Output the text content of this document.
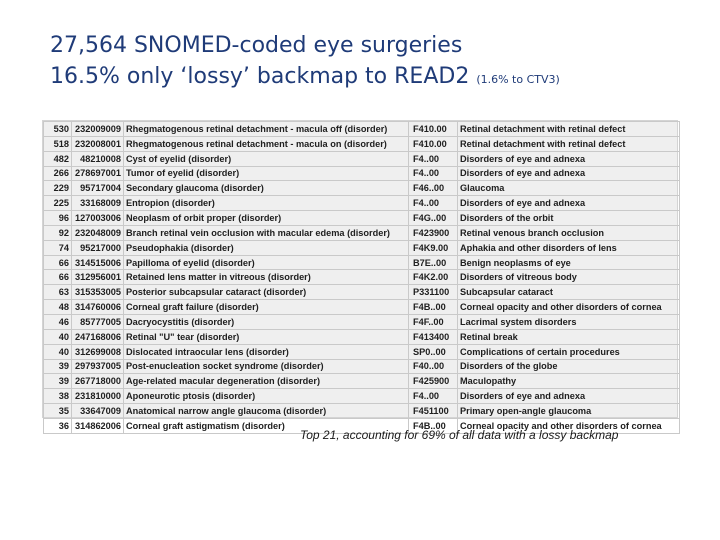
27,564 SNOMED-coded eye surgeries
16.5% only ‘lossy’ backmap to READ2 (1.6% to CTV3)
530	232009009	Rhegmatogenous retinal detachment - macula off (disorder)	F410.00	Retinal detachment with retinal defect
518	232008001	Rhegmatogenous retinal detachment - macula on (disorder)	F410.00	Retinal detachment with retinal defect
482	48210008	Cyst of eyelid (disorder)	F4..00	Disorders of eye and adnexa
266	278697001	Tumor of eyelid (disorder)	F4..00	Disorders of eye and adnexa
229	95717004	Secondary glaucoma (disorder)	F46..00	Glaucoma
225	33168009	Entropion (disorder)	F4..00	Disorders of eye and adnexa
96	127003006	Neoplasm of orbit proper (disorder)	F4G..00	Disorders of the orbit
92	232048009	Branch retinal vein occlusion with macular edema (disorder)	F423900	Retinal venous branch occlusion
74	95217000	Pseudophakia (disorder)	F4K9.00	Aphakia and other disorders of lens
66	314515006	Papilloma of eyelid (disorder)	B7E..00	Benign neoplasms of eye
66	312956001	Retained lens matter in vitreous (disorder)	F4K2.00	Disorders of vitreous body
63	315353005	Posterior subcapsular cataract (disorder)	P331100	Subcapsular cataract
48	314760006	Corneal graft failure (disorder)	F4B..00	Corneal opacity and other disorders of cornea
46	85777005	Dacryocystitis (disorder)	F4F..00	Lacrimal system disorders
40	247168006	Retinal "U" tear (disorder)	F413400	Retinal break
40	312699008	Dislocated intraocular lens (disorder)	SP0..00	Complications of certain procedures
39	297937005	Post-enucleation socket syndrome (disorder)	F40..00	Disorders of the globe
39	267718000	Age-related macular degeneration (disorder)	F425900	Maculopathy
38	231810000	Aponeurotic ptosis (disorder)	F4..00	Disorders of eye and adnexa
35	33647009	Anatomical narrow angle glaucoma (disorder)	F451100	Primary open-angle glaucoma
36	314862006	Corneal graft astigmatism (disorder)	F4B..00	Corneal opacity and other disorders of cornea
Top 21, accounting for 69% of all data with a lossy backmap
